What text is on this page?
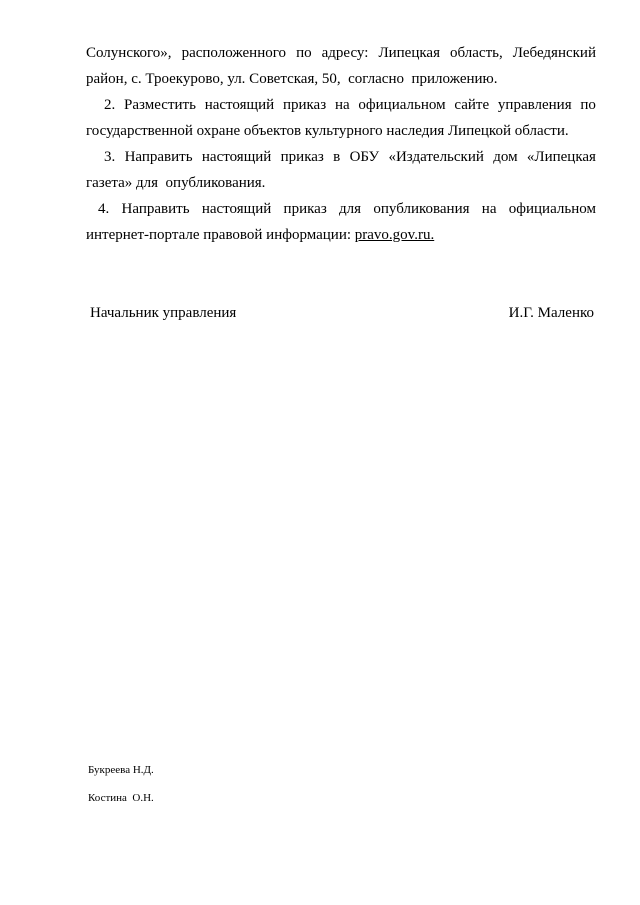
Солунского», расположенного по адресу: Липецкая область, Лебедянский
район, с. Троекурово, ул. Советская, 50,  согласно  приложению.
2. Разместить настоящий приказ на официальном сайте управления по
государственной охране объектов культурного наследия Липецкой области.
3. Направить настоящий приказ в ОБУ «Издательский дом «Липецкая
газета» для  опубликования.
4. Направить настоящий приказ для опубликования на официальном
интернет-портале правовой информации: pravo.gov.ru.
Начальник управления	И.Г. Маленко
Букреева Н.Д.
Костина  О.Н.
